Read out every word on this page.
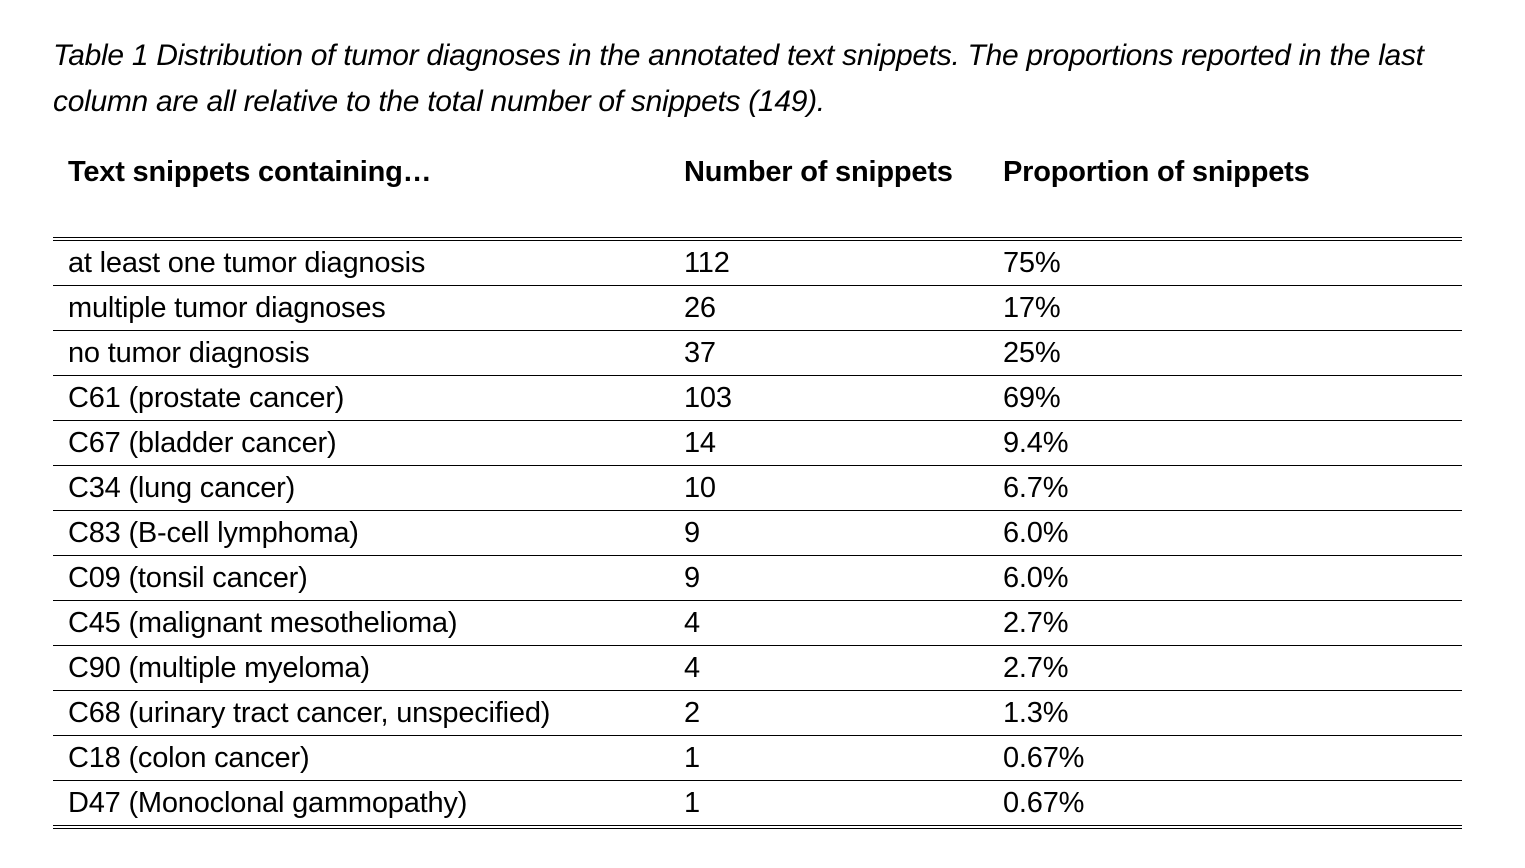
Table 1 Distribution of tumor diagnoses in the annotated text snippets. The proportions reported in the last column are all relative to the total number of snippets (149).

Text snippets containing…	Number of snippets	Proportion of snippets
at least one tumor diagnosis	112	75%
multiple tumor diagnoses	26	17%
no tumor diagnosis	37	25%
C61 (prostate cancer)	103	69%
C67 (bladder cancer)	14	9.4%
C34 (lung cancer)	10	6.7%
C83 (B-cell lymphoma)	9	6.0%
C09 (tonsil cancer)	9	6.0%
C45 (malignant mesothelioma)	4	2.7%
C90 (multiple myeloma)	4	2.7%
C68 (urinary tract cancer, unspecified)	2	1.3%
C18 (colon cancer)	1	0.67%
D47 (Monoclonal gammopathy)	1	0.67%
